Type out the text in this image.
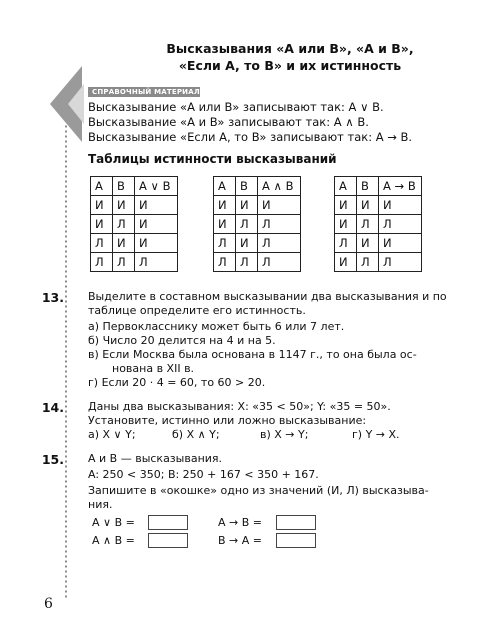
Высказывания «A или B», «A и B»,
«Если A, то B» и их истинность
СПРАВОЧНЫЙ МАТЕРИАЛ
Высказывание «A или B» записывают так: A ∨ B.
Высказывание «A и B» записывают так: A ∧ B.
Высказывание «Если A, то B» записывают так: A → B.
Таблицы истинности высказываний
A	B	A ∨ B
И	И	И
И	Л	И
Л	И	И
Л	Л	Л
A	B	A ∧ B
И	И	И
И	Л	Л
Л	И	Л
Л	Л	Л
A	B	A → B
И	И	И
И	Л	Л
Л	И	И
И	Л	Л
13. Выделите в составном высказывании два высказывания и по
таблице определите его истинность.
а) Первокласснику может быть 6 или 7 лет.
б) Число 20 делится на 4 и на 5.
в) Если Москва была основана в 1147 г., то она была ос-
нована в XII в.
г) Если 20 · 4 = 60, то 60 > 20.
14. Даны два высказывания: X: «35 < 50»; Y: «35 = 50».
Установите, истинно или ложно высказывание:
а) X ∨ Y;	б) X ∧ Y;	в) X → Y;	г) Y → X.
15. A и B — высказывания.
A: 250 < 350; B: 250 + 167 < 350 + 167.
Запишите в «окошке» одно из значений (И, Л) высказыва-
ния.
A ∨ B =	A → B =
A ∧ B =	B → A =
6
